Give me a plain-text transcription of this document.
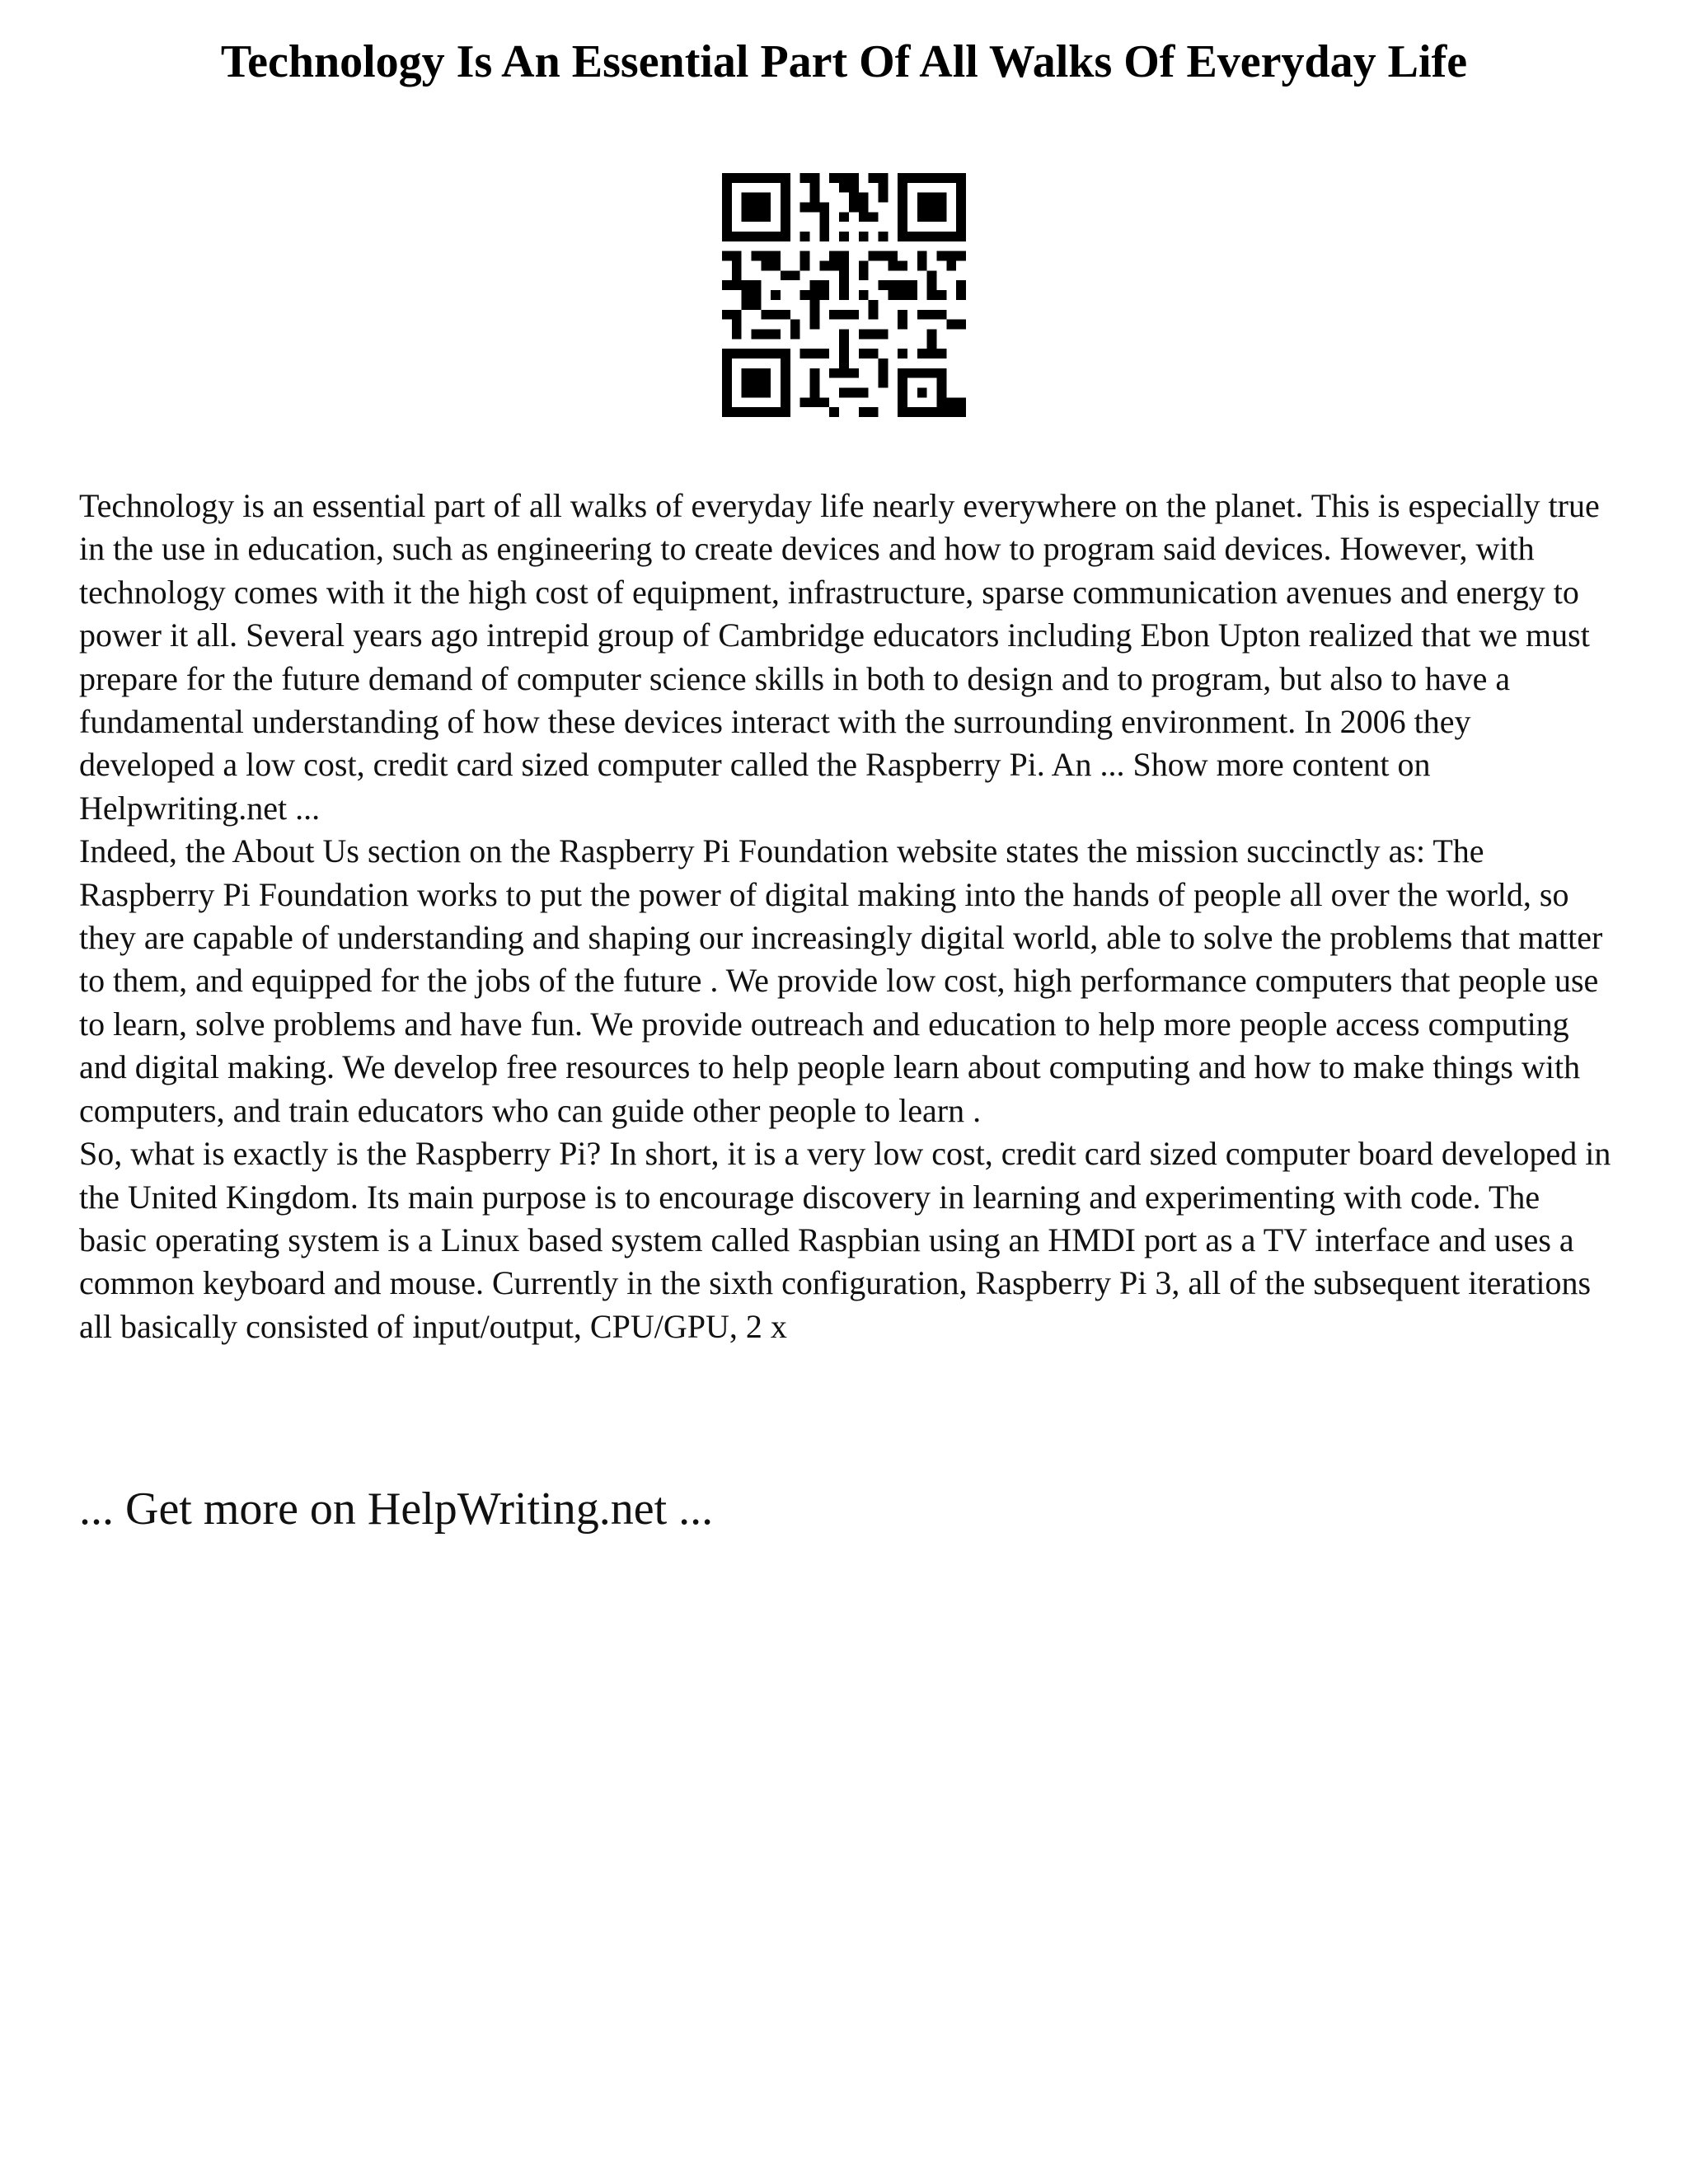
Technology Is An Essential Part Of All Walks Of Everyday Life

Technology is an essential part of all walks of everyday life nearly everywhere on the planet. This is especially true in the use in education, such as engineering to create devices and how to program said devices. However, with technology comes with it the high cost of equipment, infrastructure, sparse communication avenues and energy to power it all. Several years ago intrepid group of Cambridge educators including Ebon Upton realized that we must prepare for the future demand of computer science skills in both to design and to program, but also to have a fundamental understanding of how these devices interact with the surrounding environment. In 2006 they developed a low cost, credit card sized computer called the Raspberry Pi. An ... Show more content on Helpwriting.net ...

Indeed, the About Us section on the Raspberry Pi Foundation website states the mission succinctly as: The Raspberry Pi Foundation works to put the power of digital making into the hands of people all over the world, so they are capable of understanding and shaping our increasingly digital world, able to solve the problems that matter to them, and equipped for the jobs of the future . We provide low cost, high performance computers that people use to learn, solve problems and have fun. We provide outreach and education to help more people access computing and digital making. We develop free resources to help people learn about computing and how to make things with computers, and train educators who can guide other people to learn .

So, what is exactly is the Raspberry Pi? In short, it is a very low cost, credit card sized computer board developed in the United Kingdom. Its main purpose is to encourage discovery in learning and experimenting with code. The basic operating system is a Linux based system called Raspbian using an HMDI port as a TV interface and uses a common keyboard and mouse. Currently in the sixth configuration, Raspberry Pi 3, all of the subsequent iterations all basically consisted of input/output, CPU/GPU, 2 x

... Get more on HelpWriting.net ...
